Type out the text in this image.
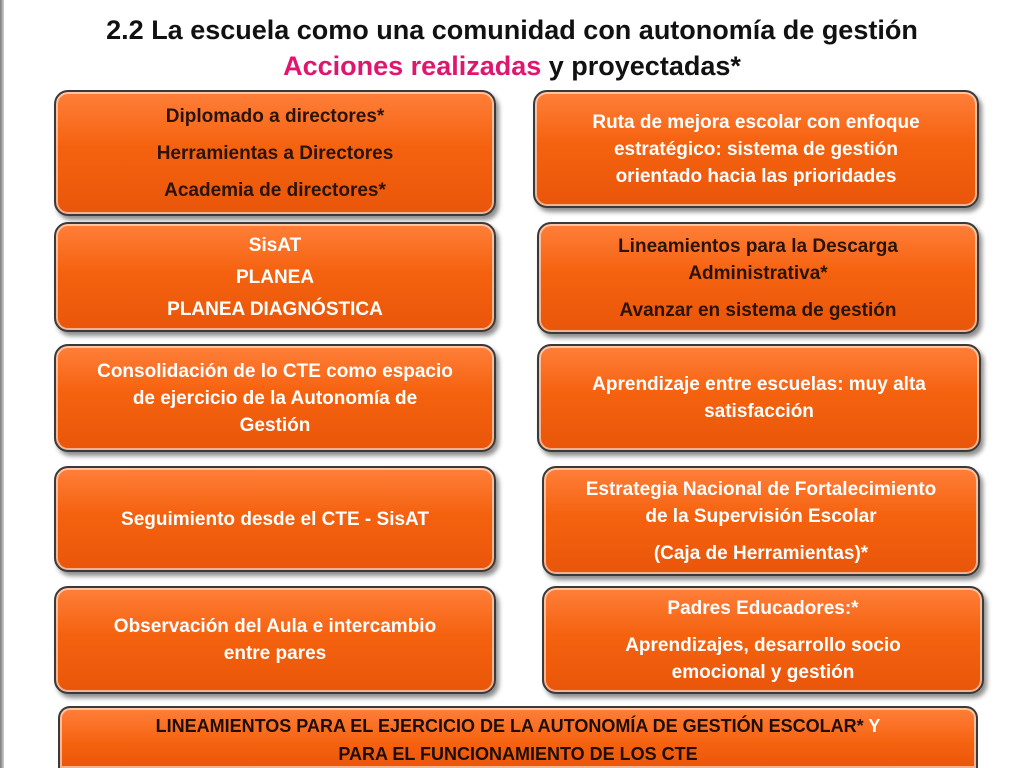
2.2 La escuela como una comunidad con autonomía de gestión
Acciones realizadas y proyectadas*
Diplomado a directores*
Herramientas a Directores
Academia de directores*
SisAT
PLANEA
PLANEA DIAGNÓSTICA
Consolidación de lo CTE como espacio
de ejercicio de la Autonomía de
Gestión
Seguimiento desde el CTE - SisAT
Observación del Aula e intercambio
entre pares
Ruta de mejora escolar con enfoque
estratégico: sistema de gestión
orientado hacia las prioridades
Lineamientos para la Descarga
Administrativa*
Avanzar en sistema de gestión
Aprendizaje entre escuelas: muy alta
satisfacción
Estrategia Nacional de Fortalecimiento
de la Supervisión Escolar
(Caja de Herramientas)*
Padres Educadores:*
Aprendizajes, desarrollo socio
emocional y gestión
LINEAMIENTOS PARA EL EJERCICIO DE LA AUTONOMÍA DE GESTIÓN ESCOLAR* Y
PARA EL FUNCIONAMIENTO DE LOS CTE
